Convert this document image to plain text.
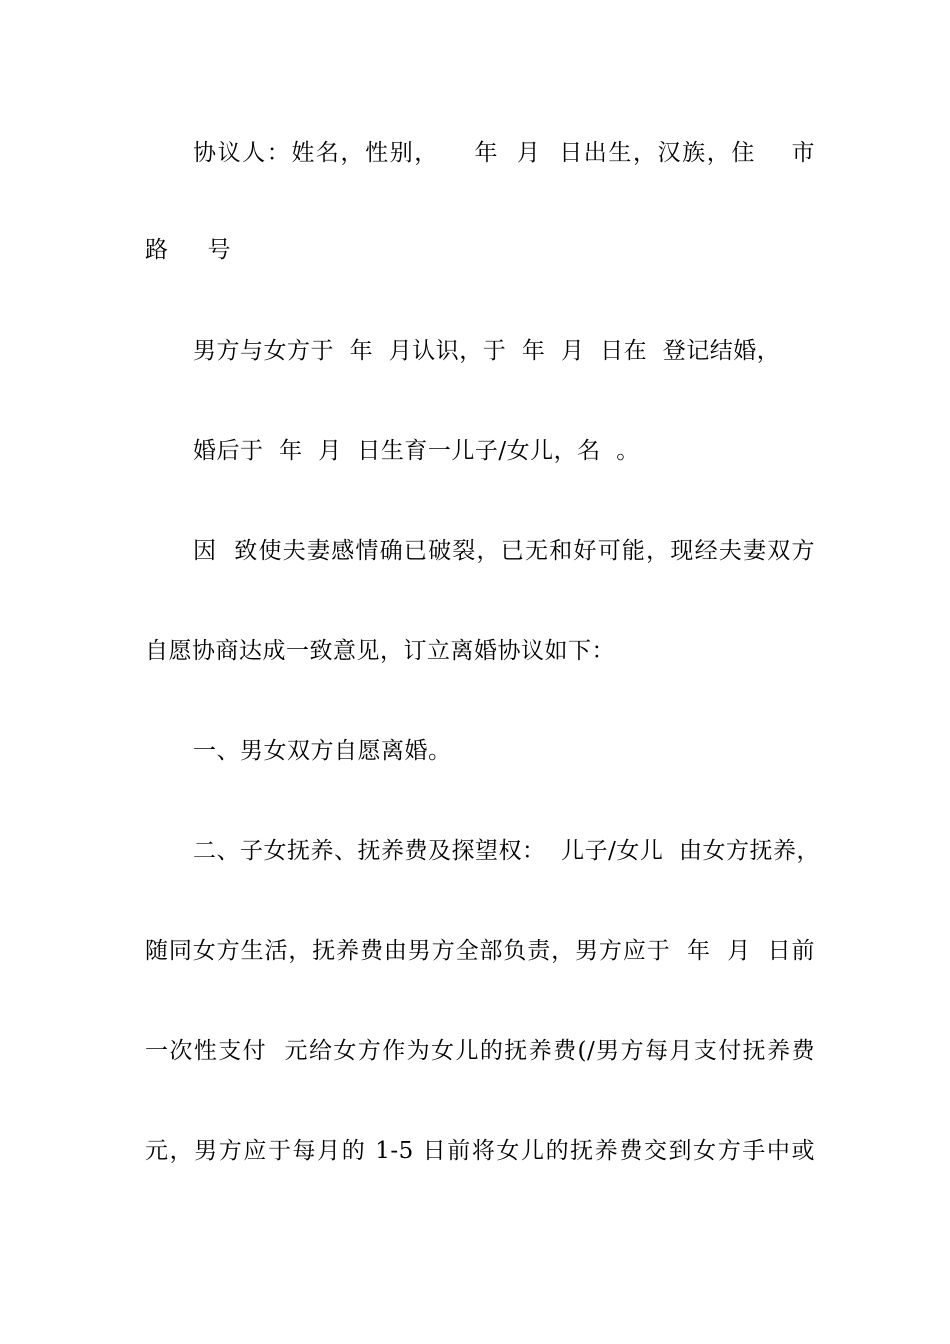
协议人：姓名，性别，    年  月  日出生，汉族，住    市
路     号
男方与女方于  年  月认识，于  年  月  日在  登记结婚，
婚后于  年  月  日生育一儿子/女儿，名  。
因  致使夫妻感情确已破裂，已无和好可能，现经夫妻双方
自愿协商达成一致意见，订立离婚协议如下：
一、男女双方自愿离婚。
二、子女抚养、抚养费及探望权：  儿子/女儿  由女方抚养，
随同女方生活，抚养费由男方全部负责，男方应于  年  月  日前
一次性支付  元给女方作为女儿的抚养费(/男方每月支付抚养费
元，男方应于每月的 1-5 日前将女儿的抚养费交到女方手中或
